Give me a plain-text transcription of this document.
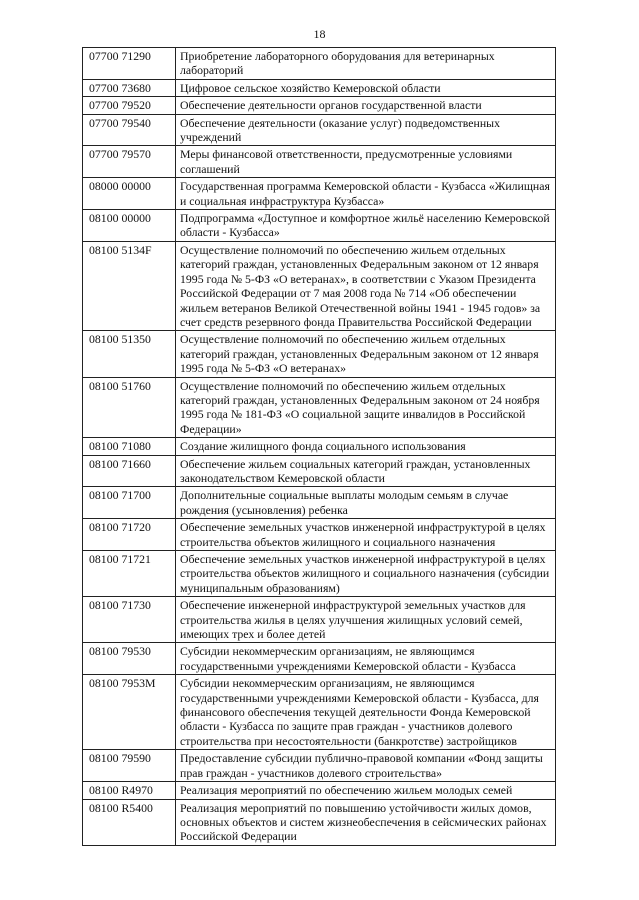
18
07700 71290	Приобретение лабораторного оборудования для ветеринарных лабораторий
07700 73680	Цифровое сельское хозяйство Кемеровской области
07700 79520	Обеспечение деятельности органов государственной власти
07700 79540	Обеспечение деятельности (оказание услуг) подведомственных учреждений
07700 79570	Меры финансовой ответственности, предусмотренные условиями соглашений
08000 00000	Государственная программа Кемеровской области - Кузбасса «Жилищная и социальная инфраструктура Кузбасса»
08100 00000	Подпрограмма «Доступное и комфортное жильё населению Кемеровской области - Кузбасса»
08100 5134F	Осуществление полномочий по обеспечению жильем отдельных категорий граждан, установленных Федеральным законом от 12 января 1995 года № 5-ФЗ «О ветеранах», в соответствии с Указом Президента Российской Федерации от 7 мая 2008 года № 714 «Об обеспечении жильем ветеранов Великой Отечественной войны 1941 - 1945 годов» за счет средств резервного фонда Правительства Российской Федерации
08100 51350	Осуществление полномочий по обеспечению жильем отдельных категорий граждан, установленных Федеральным законом от 12 января 1995 года № 5-ФЗ «О ветеранах»
08100 51760	Осуществление полномочий по обеспечению жильем отдельных категорий граждан, установленных Федеральным законом от 24 ноября 1995 года № 181-ФЗ «О социальной защите инвалидов в Российской Федерации»
08100 71080	Создание жилищного фонда социального использования
08100 71660	Обеспечение жильем социальных категорий граждан, установленных законодательством Кемеровской области
08100 71700	Дополнительные социальные выплаты молодым семьям в случае рождения (усыновления) ребенка
08100 71720	Обеспечение земельных участков инженерной инфраструктурой в целях строительства объектов жилищного и социального назначения
08100 71721	Обеспечение земельных участков инженерной инфраструктурой в целях строительства объектов жилищного и социального назначения (субсидии муниципальным образованиям)
08100 71730	Обеспечение инженерной инфраструктурой земельных участков для строительства жилья в целях улучшения жилищных условий семей, имеющих трех и более детей
08100 79530	Субсидии некоммерческим организациям, не являющимся государственными учреждениями Кемеровской области - Кузбасса
08100 7953М	Субсидии некоммерческим организациям, не являющимся государственными учреждениями Кемеровской области - Кузбасса, для финансового обеспечения текущей деятельности Фонда Кемеровской области - Кузбасса по защите прав граждан - участников долевого строительства при несостоятельности (банкротстве) застройщиков
08100 79590	Предоставление субсидии публично-правовой компании «Фонд защиты прав граждан - участников долевого строительства»
08100 R4970	Реализация мероприятий по обеспечению жильем молодых семей
08100 R5400	Реализация мероприятий по повышению устойчивости жилых домов, основных объектов и систем жизнеобеспечения в сейсмических районах Российской Федерации
